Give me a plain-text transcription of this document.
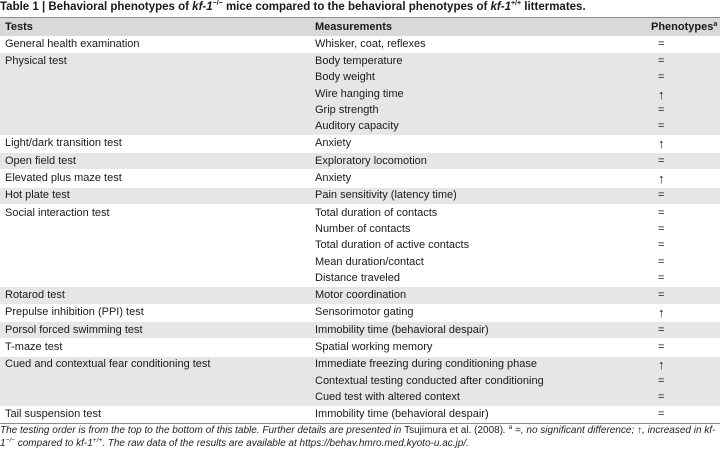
Table 1 | Behavioral phenotypes of kf-1−/− mice compared to the behavioral phenotypes of kf-1+/+ littermates.
Tests	Measurements	Phenotypes$^a$
General health examination	Whisker, coat, reflexes	=
Physical test	Body temperature	=
	Body weight	=
	Wire hanging time	↑
	Grip strength	=
	Auditory capacity	=
Light/dark transition test	Anxiety	↑
Open field test	Exploratory locomotion	=
Elevated plus maze test	Anxiety	↑
Hot plate test	Pain sensitivity (latency time)	=
Social interaction test	Total duration of contacts	=
	Number of contacts	=
	Total duration of active contacts	=
	Mean duration/contact	=
	Distance traveled	=
Rotarod test	Motor coordination	=
Prepulse inhibition (PPI) test	Sensorimotor gating	↑
Porsol forced swimming test	Immobility time (behavioral despair)	=
T-maze test	Spatial working memory	=
Cued and contextual fear conditioning test	Immediate freezing during conditioning phase	↑
	Contextual testing conducted after conditioning	=
	Cued test with altered context	=
Tail suspension test	Immobility time (behavioral despair)	=
The testing order is from the top to the bottom of this table. Further details are presented in Tsujimura et al. (2008). $^a$ =, no significant difference; ↑, increased in kf-1−/− compared to kf-1+/+. The raw data of the results are available at https://behav.hmro.med.kyoto-u.ac.jp/.
